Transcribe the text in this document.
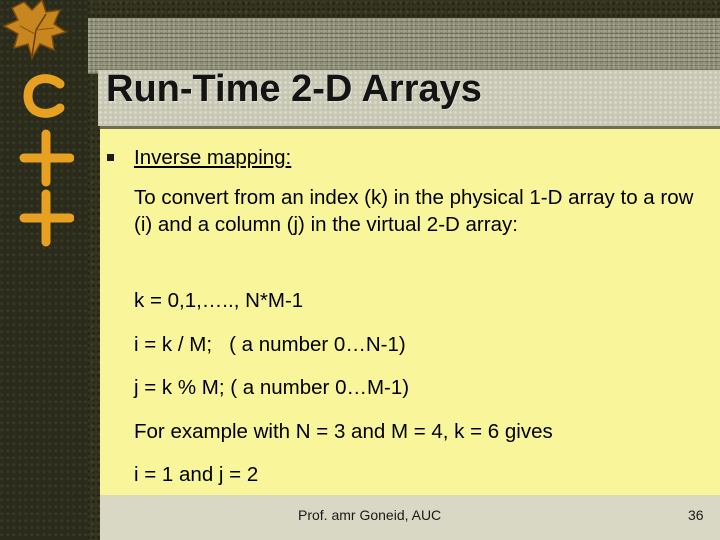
Run-Time 2-D Arrays

Inverse mapping:

To convert from an index (k) in the physical 1-D array to a row (i) and a column (j) in the virtual 2-D array:

k = 0,1,….., N*M-1

i = k / M;   ( a number 0…N-1)

j = k % M; ( a number 0…M-1)

For example with N = 3 and M = 4, k = 6 gives

i = 1 and j = 2

Prof. amr Goneid, AUC	36
